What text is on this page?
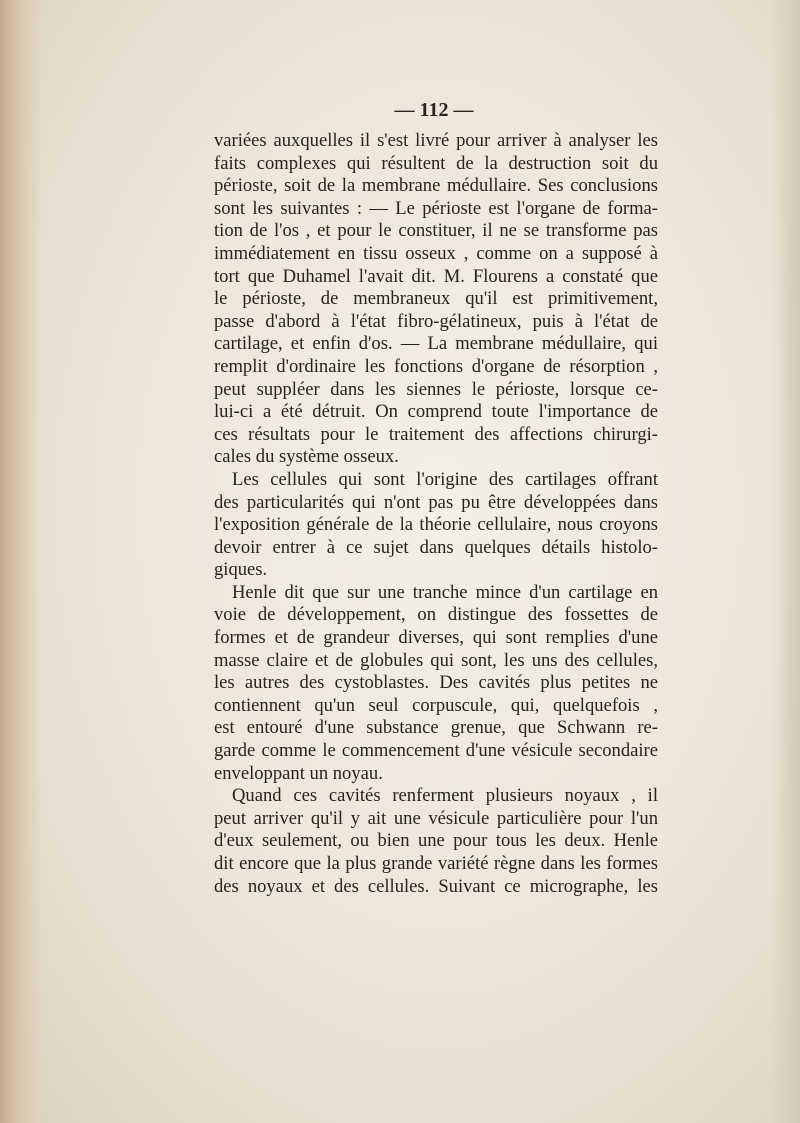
— 112 —
variées auxquelles il s'est livré pour arriver à analyser les
faits complexes qui résultent de la destruction soit du
périoste, soit de la membrane médullaire. Ses conclusions
sont les suivantes : — Le périoste est l'organe de forma-
tion de l'os , et pour le constituer, il ne se transforme pas
immédiatement en tissu osseux , comme on a supposé à
tort que Duhamel l'avait dit. M. Flourens a constaté que
le périoste, de membraneux qu'il est primitivement,
passe d'abord à l'état fibro-gélatineux, puis à l'état de
cartilage, et enfin d'os. — La membrane médullaire, qui
remplit d'ordinaire les fonctions d'organe de résorption ,
peut suppléer dans les siennes le périoste, lorsque ce-
lui-ci a été détruit. On comprend toute l'importance de
ces résultats pour le traitement des affections chirurgi-
cales du système osseux.
Les cellules qui sont l'origine des cartilages offrant
des particularités qui n'ont pas pu être développées dans
l'exposition générale de la théorie cellulaire, nous croyons
devoir entrer à ce sujet dans quelques détails histolo-
giques.
Henle dit que sur une tranche mince d'un cartilage en
voie de développement, on distingue des fossettes de
formes et de grandeur diverses, qui sont remplies d'une
masse claire et de globules qui sont, les uns des cellules,
les autres des cystoblastes. Des cavités plus petites ne
contiennent qu'un seul corpuscule, qui, quelquefois ,
est entouré d'une substance grenue, que Schwann re-
garde comme le commencement d'une vésicule secondaire
enveloppant un noyau.
Quand ces cavités renferment plusieurs noyaux , il
peut arriver qu'il y ait une vésicule particulière pour l'un
d'eux seulement, ou bien une pour tous les deux. Henle
dit encore que la plus grande variété règne dans les formes
des noyaux et des cellules. Suivant ce micrographe, les
